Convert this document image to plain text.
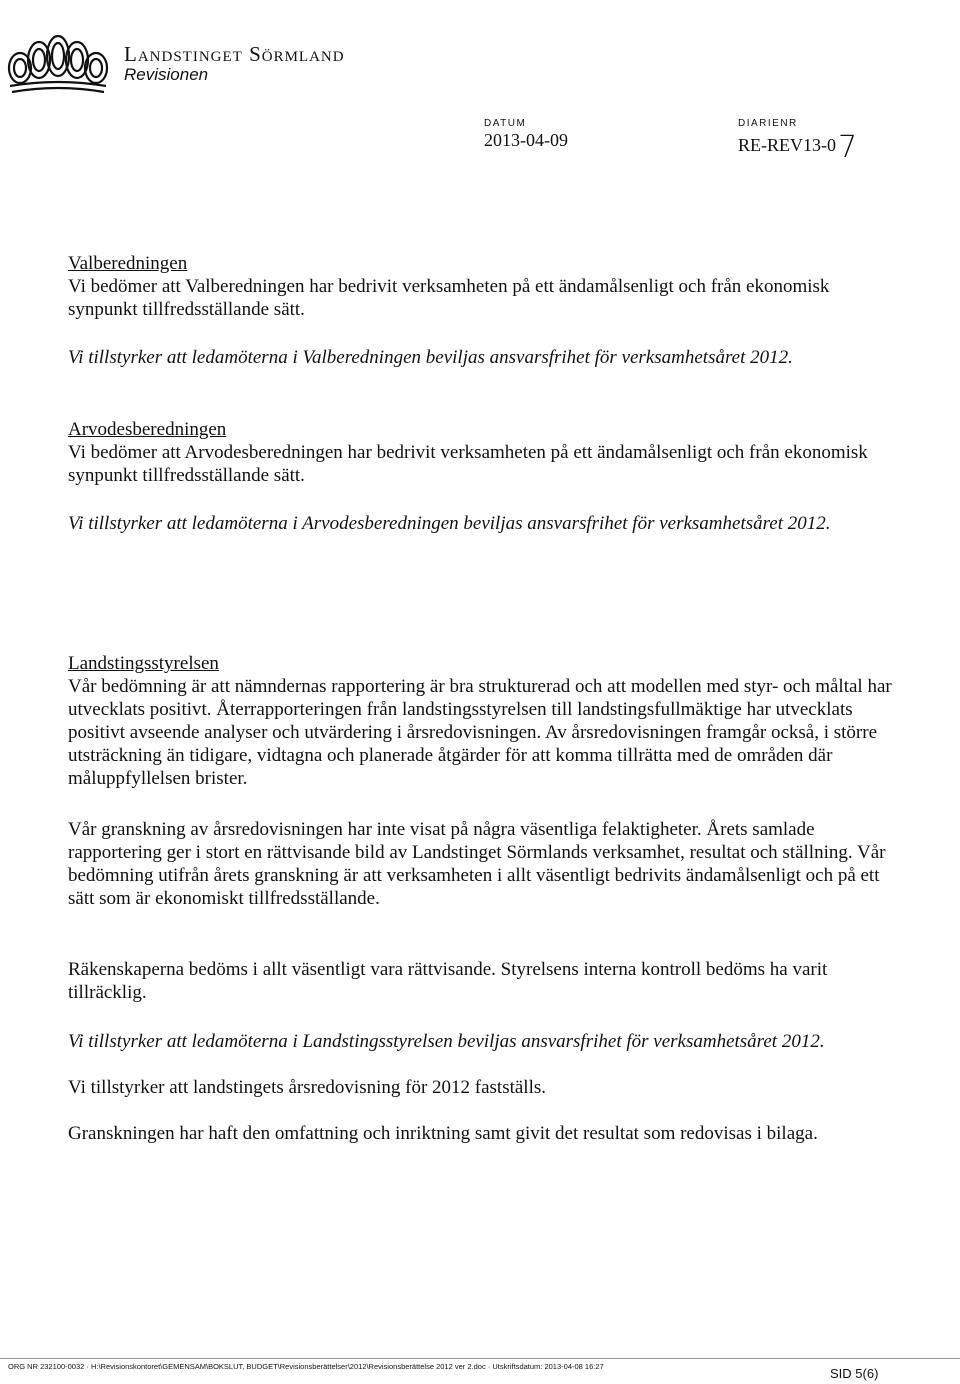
Landstinget Sörmland
Revisionen
DATUM
2013-04-09
DIARIENR
RE-REV13-07
Valberedningen
Vi bedömer att Valberedningen har bedrivit verksamheten på ett ändamålsenligt och från ekonomisk synpunkt tillfredsställande sätt.
Vi tillstyrker att ledamöterna i Valberedningen beviljas ansvarsfrihet för verksamhetsåret 2012.
Arvodesberedningen
Vi bedömer att Arvodesberedningen har bedrivit verksamheten på ett ändamålsenligt och från ekonomisk synpunkt tillfredsställande sätt.
Vi tillstyrker att ledamöterna i Arvodesberedningen beviljas ansvarsfrihet för verksamhetsåret 2012.
Landstingsstyrelsen
Vår bedömning är att nämndernas rapportering är bra strukturerad och att modellen med styr- och måltal har utvecklats positivt. Återrapporteringen från landstingsstyrelsen till landstingsfullmäktige har utvecklats positivt avseende analyser och utvärdering i årsredovisningen. Av årsredovisningen framgår också, i större utsträckning än tidigare, vidtagna och planerade åtgärder för att komma tillrätta med de områden där måluppfyllelsen brister.
Vår granskning av årsredovisningen har inte visat på några väsentliga felaktigheter. Årets samlade rapportering ger i stort en rättvisande bild av Landstinget Sörmlands verksamhet, resultat och ställning. Vår bedömning utifrån årets granskning är att verksamheten i allt väsentligt bedrivits ändamålsenligt och på ett sätt som är ekonomiskt tillfredsställande.
Räkenskaperna bedöms i allt väsentligt vara rättvisande. Styrelsens interna kontroll bedöms ha varit tillräcklig.
Vi tillstyrker att ledamöterna i Landstingsstyrelsen beviljas ansvarsfrihet för verksamhetsåret 2012.
Vi tillstyrker att landstingets årsredovisning för 2012 fastställs.
Granskningen har haft den omfattning och inriktning samt givit det resultat som redovisas i bilaga.
ORG NR 232100-0032 · H:\Revisionskontoret\GEMENSAM\BOKSLUT, BUDGET\Revisionsberättelser\2012\Revisionsberättelse 2012 ver 2.doc · Utskriftsdatum: 2013-04-08 16:27	SID 5(6)
